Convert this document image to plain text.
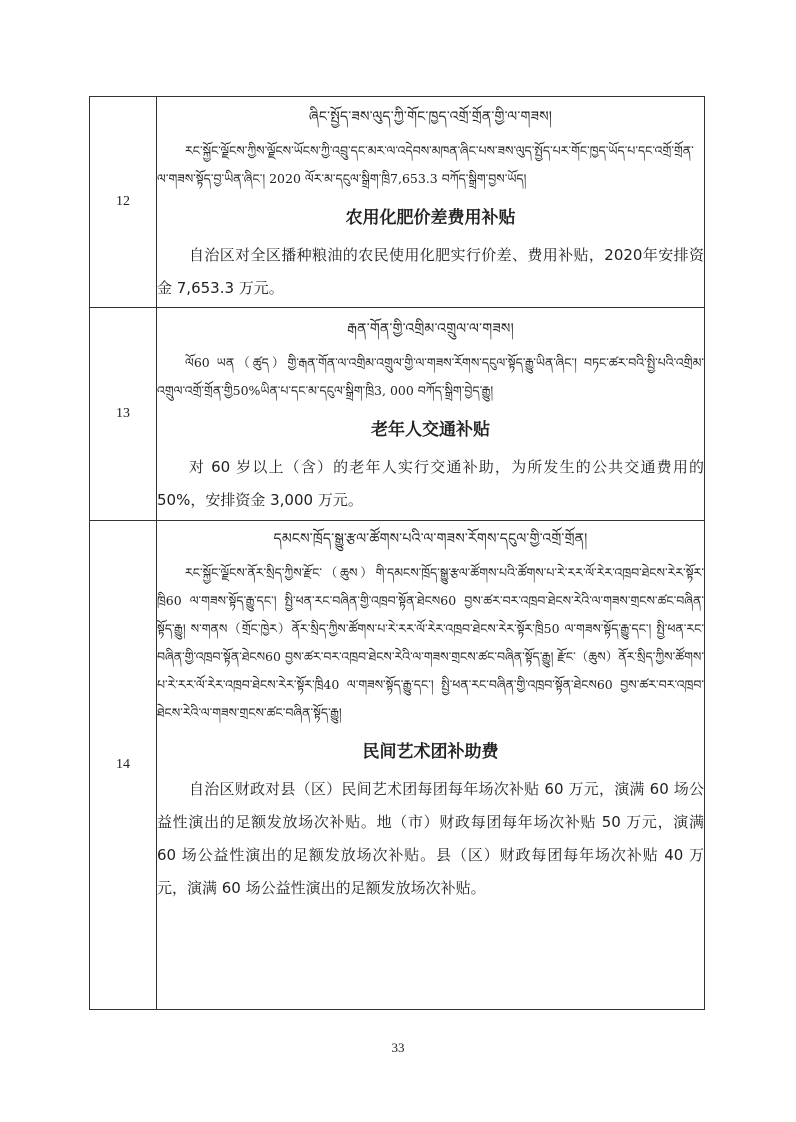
12	ཞིང་སྤྱོད་ཟས་ལུད་ཀྱི་གོང་ཁྱད་འགྲོ་གྲོན་གྱི་ལ་གཟས།

རང་སྐྱོང་ལྗོངས་ཀྱིས་ལྗོངས་ཡོངས་ཀྱི་འབྲུ་དང་མར་ལ་འདེབས་མཁན་ཞིང་པས་ཟས་ལུད་སྤྱོད་པར་གོང་ཁྱད་ཡོད་པ་དང་འགྲོ་གྲོན་ལ་གཟས་སྟོད་བྱ་ཡིན་ཞིང་། 2020 ལོར་མ་དངུལ་སྒྲིག་ཁྲི7,653.3 བཀོད་སྒྲིག་བྱས་ཡོད།

农用化肥价差费用补贴

自治区对全区播种粮油的农民使用化肥实行价差、费用补贴，2020年安排资金 7,653.3 万元。

13	རྒན་གོན་གྱི་འགྲིམ་འགྲུལ་ལ་གཟས།

ལོ60 ཡན（ཚུད）གྱི་རྒན་གོན་ལ་འགྲིམ་འགྲུལ་གྱི་ལ་གཟས་རོགས་དངུལ་སྟོད་རྒྱུ་ཡིན་ཞིང་། བཏང་ཚར་བའི་སྤྱི་པའི་འགྲིམ་འགྲུལ་འགྲོ་གྲོན་གྱི50%ཡིན་པ་དང་མ་དངུལ་སྒྲིག་ཁྲི3, 000 བཀོད་སྒྲིག་བྱེད་རྒྱུ།

老年人交通补贴

对 60 岁以上（含）的老年人实行交通补助，为所发生的公共交通费用的 50%，安排资金 3,000 万元。

14	དམངས་ཁྲོད་སྒྱུ་རྩལ་ཚོགས་པའི་ལ་གཟས་རོགས་དངུལ་གྱི་འགྲོ་གྲོན།

རང་སྐྱོང་ལྗོངས་ནོར་སྲིད་ཀྱིས་རྫོང་（ཆུས）གི་དམངས་ཁྲོད་སྒྱུ་རྩལ་ཚོགས་པའི་ཚོགས་པ་རེ་རར་ལོ་རེར་འཁྲབ་ཐེངས་རེར་སྟོར་ཁྲི60 ལ་གཟས་སྟོད་རྒྱུ་དང་། སྤྱི་ཕན་རང་བཞིན་གྱི་འཁྲབ་སྟོན་ཐེངས60 བྱས་ཚར་བར་འཁྲབ་ཐེངས་རེའི་ལ་གཟས་གྲངས་ཚང་བཞིན་སྟོད་རྒྱུ། ས་གནས（གྲོང་ཁྱེར）ནོར་སྲིད་ཀྱིས་ཚོགས་པ་རེ་རར་ལོ་རེར་འཁྲབ་ཐེངས་རེར་སྟོར་ཁྲི50 ལ་གཟས་སྟོད་རྒྱུ་དང་། སྤྱི་ཕན་རང་བཞིན་གྱི་འཁྲབ་སྟོན་ཐེངས60 བྱས་ཚར་བར་འཁྲབ་ཐེངས་རེའི་ལ་གཟས་གྲངས་ཚང་བཞིན་སྟོད་རྒྱུ། རྫོང་（ཆུས）ནོར་སྲིད་ཀྱིས་ཚོགས་པ་རེ་རར་ལོ་རེར་འཁྲབ་ཐེངས་རེར་སྟོར་ཁྲི40 ལ་གཟས་སྟོད་རྒྱུ་དང་། སྤྱི་ཕན་རང་བཞིན་གྱི་འཁྲབ་སྟོན་ཐེངས60 བྱས་ཚར་བར་འཁྲབ་ཐེངས་རེའི་ལ་གཟས་གྲངས་ཚང་བཞིན་སྟོད་རྒྱུ།

民间艺术团补助费

自治区财政对县（区）民间艺术团每团每年场次补贴 60 万元，演满 60 场公益性演出的足额发放场次补贴。地（市）财政每团每年场次补贴 50 万元，演满 60 场公益性演出的足额发放场次补贴。县（区）财政每团每年场次补贴 40 万元，演满 60 场公益性演出的足额发放场次补贴。

33
